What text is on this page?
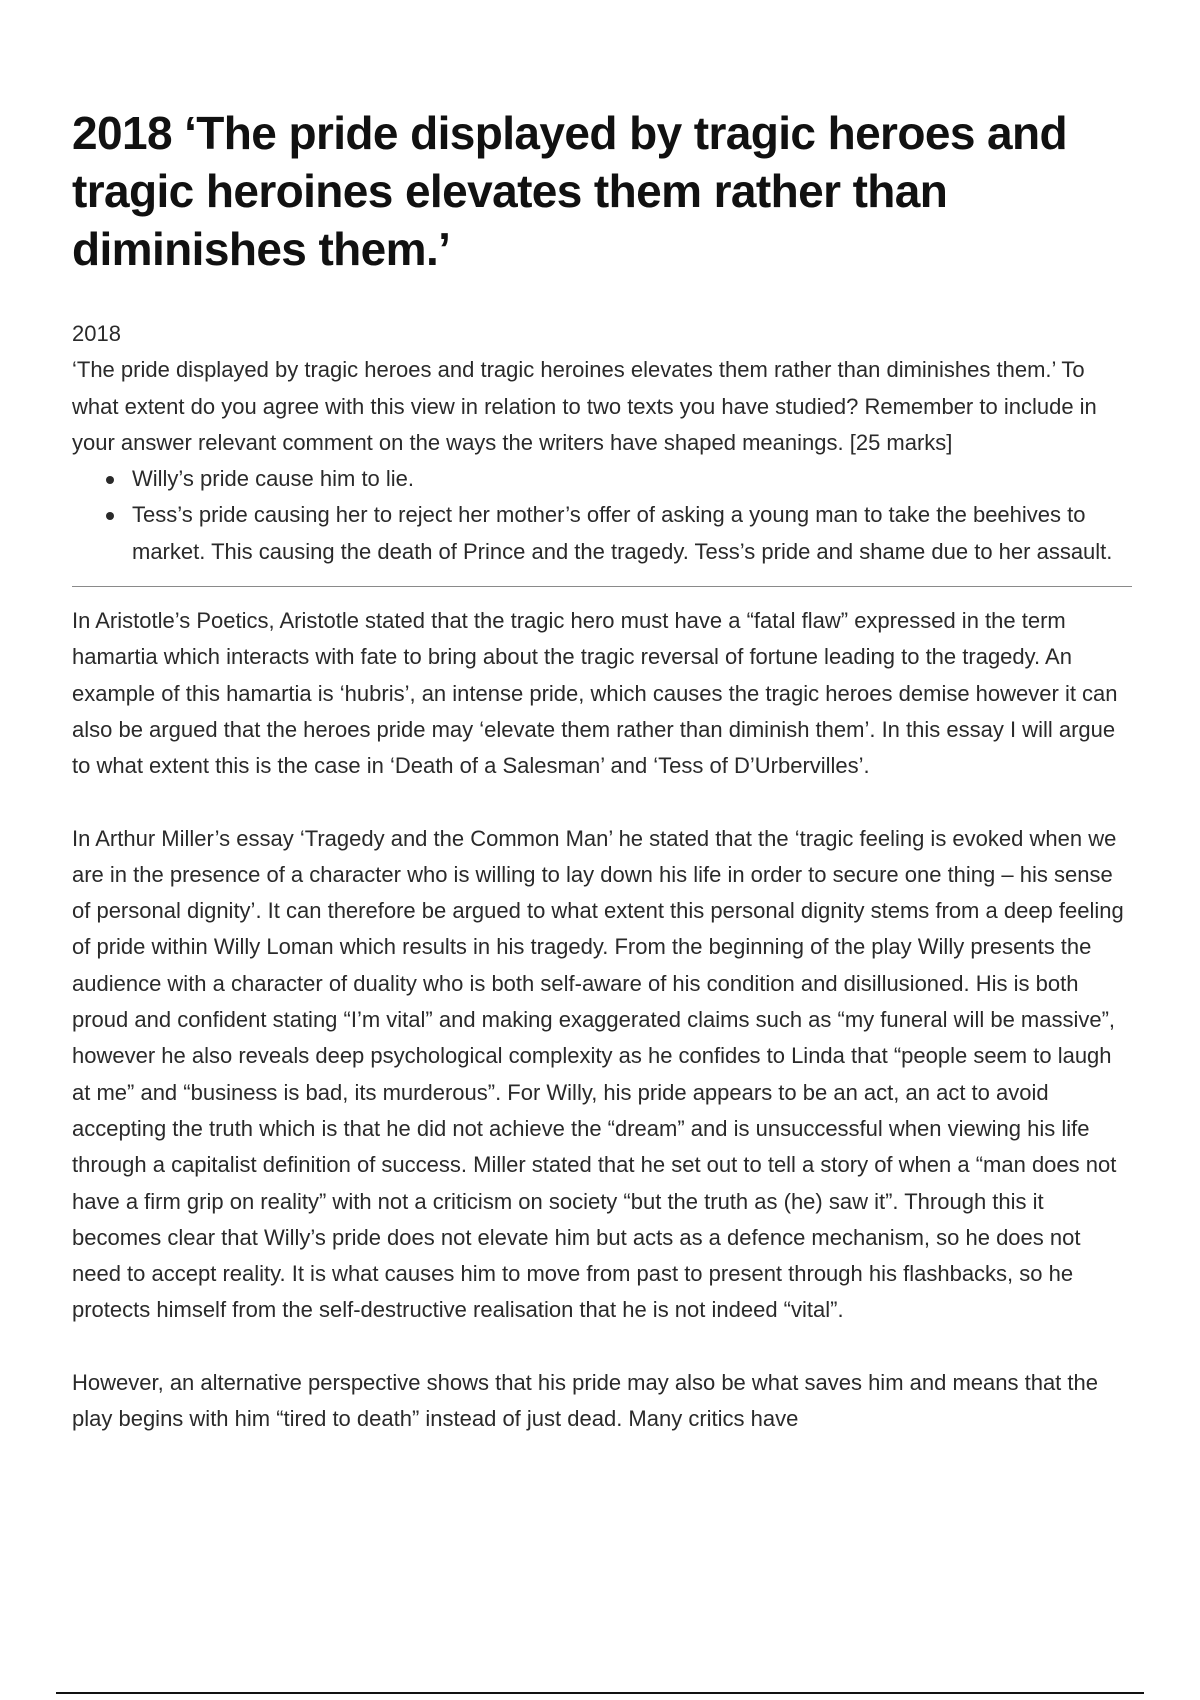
2018 ‘The pride displayed by tragic heroes and tragic heroines elevates them rather than diminishes them.’

2018

‘The pride displayed by tragic heroes and tragic heroines elevates them rather than diminishes them.’ To what extent do you agree with this view in relation to two texts you have studied? Remember to include in your answer relevant comment on the ways the writers have shaped meanings. [25 marks]

Willy’s pride cause him to lie.
Tess’s pride causing her to reject her mother’s offer of asking a young man to take the beehives to market. This causing the death of Prince and the tragedy. Tess’s pride and shame due to her assault.

In Aristotle’s Poetics, Aristotle stated that the tragic hero must have a “fatal flaw” expressed in the term hamartia which interacts with fate to bring about the tragic reversal of fortune leading to the tragedy. An example of this hamartia is ‘hubris’, an intense pride, which causes the tragic heroes demise however it can also be argued that the heroes pride may ‘elevate them rather than diminish them’. In this essay I will argue to what extent this is the case in ‘Death of a Salesman’ and ‘Tess of D’Urbervilles’.

In Arthur Miller’s essay ‘Tragedy and the Common Man’ he stated that the ‘tragic feeling is evoked when we are in the presence of a character who is willing to lay down his life in order to secure one thing – his sense of personal dignity’. It can therefore be argued to what extent this personal dignity stems from a deep feeling of pride within Willy Loman which results in his tragedy. From the beginning of the play Willy presents the audience with a character of duality who is both self-aware of his condition and disillusioned. His is both proud and confident stating “I’m vital” and making exaggerated claims such as “my funeral will be massive”, however he also reveals deep psychological complexity as he confides to Linda that “people seem to laugh at me” and “business is bad, its murderous”. For Willy, his pride appears to be an act, an act to avoid accepting the truth which is that he did not achieve the “dream” and is unsuccessful when viewing his life through a capitalist definition of success. Miller stated that he set out to tell a story of when a “man does not have a firm grip on reality” with not a criticism on society “but the truth as (he) saw it”. Through this it becomes clear that Willy’s pride does not elevate him but acts as a defence mechanism, so he does not need to accept reality. It is what causes him to move from past to present through his flashbacks, so he protects himself from the self-destructive realisation that he is not indeed “vital”.

However, an alternative perspective shows that his pride may also be what saves him and means that the play begins with him “tired to death” instead of just dead. Many critics have
